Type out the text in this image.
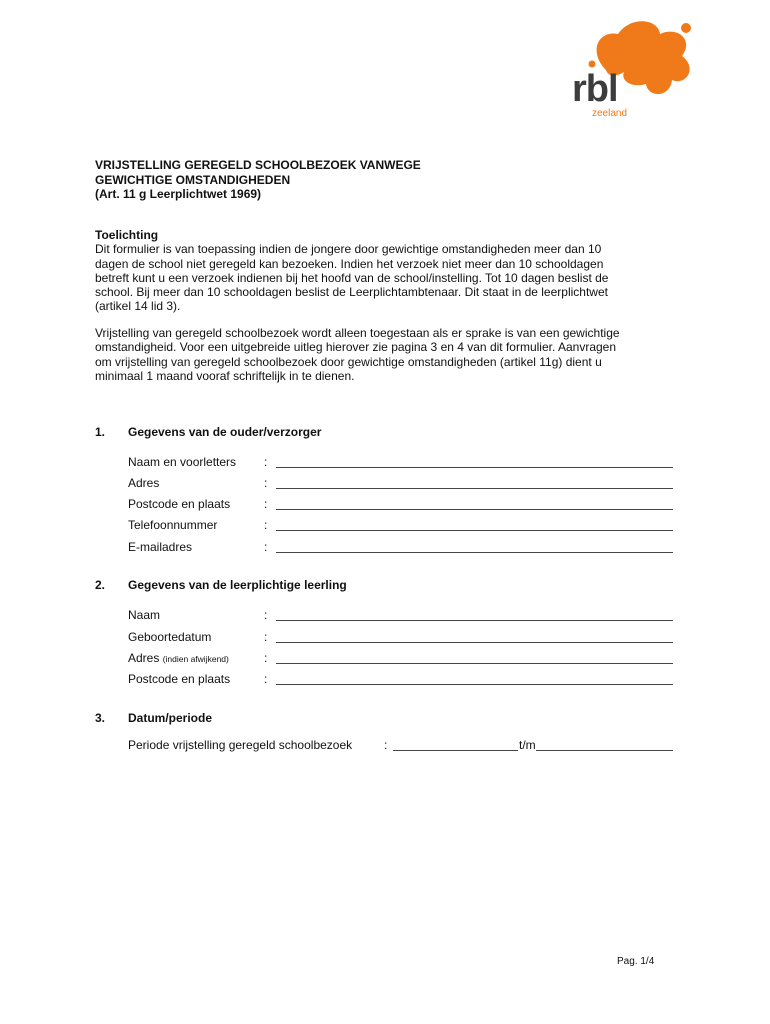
rbl
zeeland
VRIJSTELLING GEREGELD SCHOOLBEZOEK VANWEGE
GEWICHTIGE OMSTANDIGHEDEN
(Art. 11 g Leerplichtwet 1969)
Toelichting
Dit formulier is van toepassing indien de jongere door gewichtige omstandigheden meer dan 10
dagen de school niet geregeld kan bezoeken. Indien het verzoek niet meer dan 10 schooldagen
betreft kunt u een verzoek indienen bij het hoofd van de school/instelling. Tot 10 dagen beslist de
school. Bij meer dan 10 schooldagen beslist de Leerplichtambtenaar. Dit staat in de leerplichtwet
(artikel 14 lid 3).
Vrijstelling van geregeld schoolbezoek wordt alleen toegestaan als er sprake is van een gewichtige
omstandigheid. Voor een uitgebreide uitleg hierover zie pagina 3 en 4 van dit formulier. Aanvragen
om vrijstelling van geregeld schoolbezoek door gewichtige omstandigheden (artikel 11g) dient u
minimaal 1 maand vooraf schriftelijk in te dienen.
1. Gegevens van de ouder/verzorger
Naam en voorletters :
Adres	:
Postcode en plaats	:
Telefoonnummer	:
E-mailadres	:
2. Gegevens van de leerplichtige leerling
Naam	:
Geboortedatum	:
Adres (indien afwijkend)	:
Postcode en plaats	:
3. Datum/periode
Periode vrijstelling geregeld schoolbezoek	:	t/m
Pag. 1/4
